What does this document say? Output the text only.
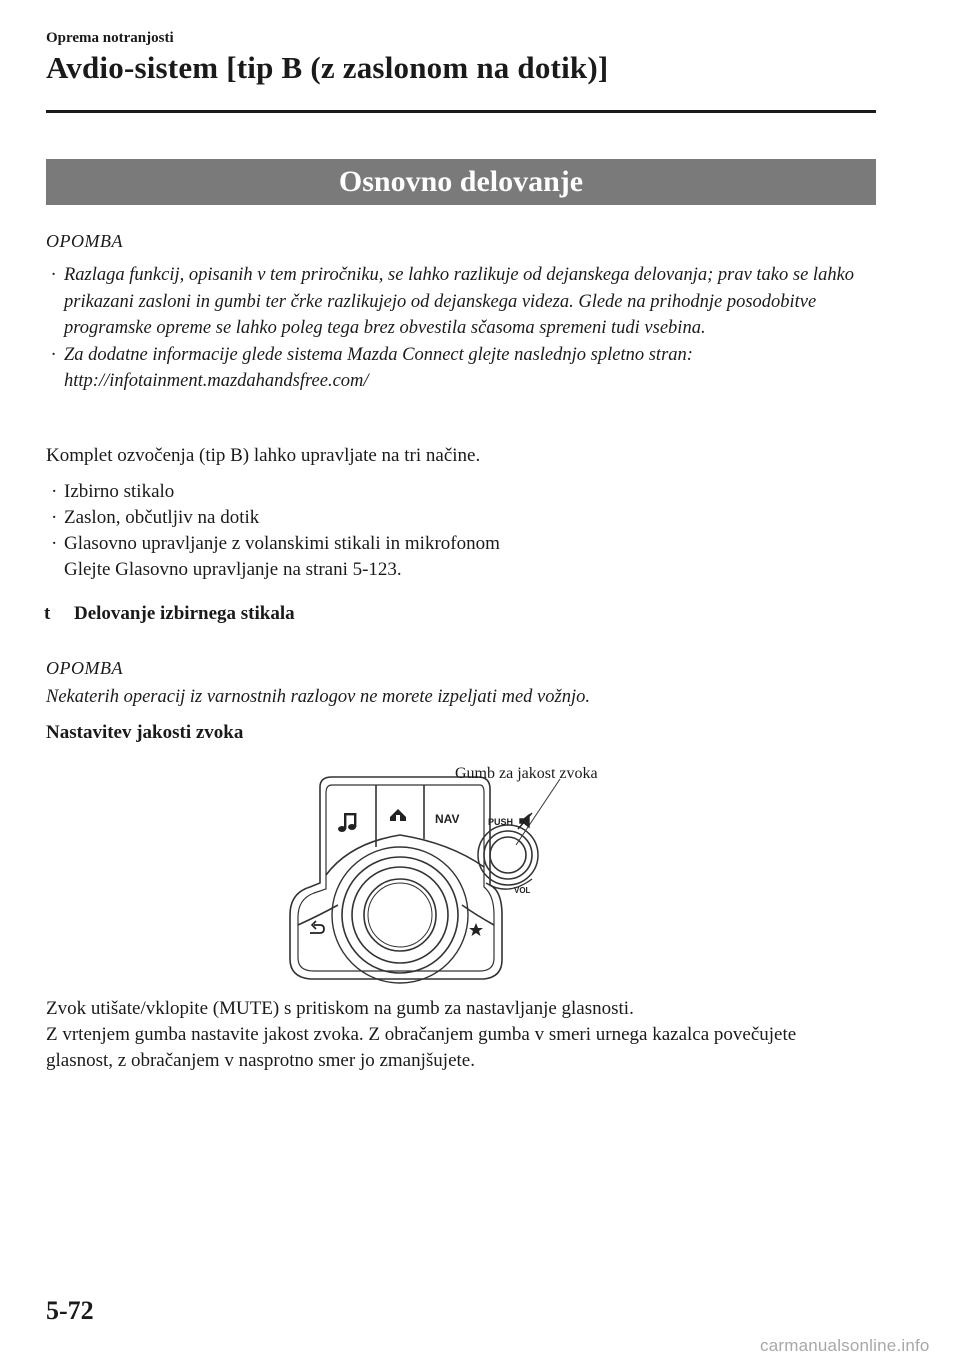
Oprema notranjosti
Avdio-sistem [tip B (z zaslonom na dotik)]
Osnovno delovanje
OPOMBA
· Razlaga funkcij, opisanih v tem priročniku, se lahko razlikuje od dejanskega delovanja; prav tako se lahko prikazani zasloni in gumbi ter črke razlikujejo od dejanskega videza. Glede na prihodnje posodobitve programske opreme se lahko poleg tega brez obvestila sčasoma spremeni tudi vsebina.
· Za dodatne informacije glede sistema Mazda Connect glejte naslednjo spletno stran: http://infotainment.mazdahandsfree.com/
Komplet ozvočenja (tip B) lahko upravljate na tri načine.
· Izbirno stikalo
· Zaslon, občutljiv na dotik
· Glasovno upravljanje z volanskimi stikali in mikrofonom
Glejte Glasovno upravljanje na strani 5-123.
t Delovanje izbirnega stikala
OPOMBA
Nekaterih operacij iz varnostnih razlogov ne morete izpeljati med vožnjo.
Nastavitev jakosti zvoka
NAV	PUSH
VOL
Gumb za jakost zvoka
Zvok utišate/vklopite (MUTE) s pritiskom na gumb za nastavljanje glasnosti.
Z vrtenjem gumba nastavite jakost zvoka. Z obračanjem gumba v smeri urnega kazalca povečujete glasnost, z obračanjem v nasprotno smer jo zmanjšujete.
5-72
carmanualsonline.info
